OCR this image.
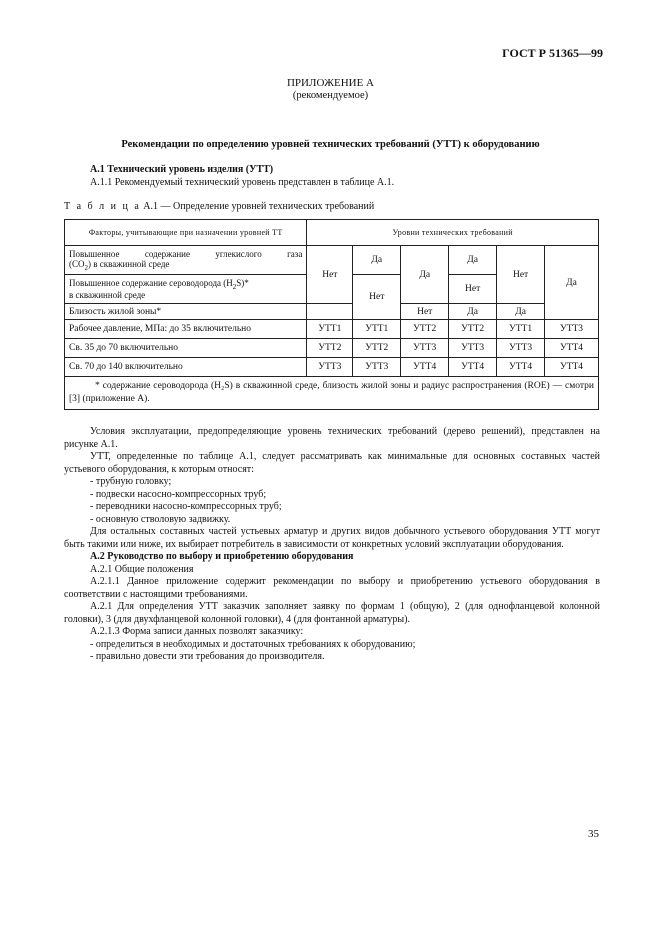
ГОСТ Р 51365—99
ПРИЛОЖЕНИЕ А
(рекомендуемое)
Рекомендации по определению уровней технических требований (УТТ) к оборудованию
А.1 Технический уровень изделия (УТТ)
А.1.1 Рекомендуемый технический уровень представлен в таблице А.1.
Т а б л и ц а А.1 — Определение уровней технических требований
Факторы, учитывающие при назначении уровней ТТ	Уровни технических требований					

Повышенное содержание углекислого газа
$(CO_2)$ в скважинной среде	Нет	Да	Да	Да	Нет	Да

Повышенное содержание сероводорода $(H_2S)*$
в скважинной среде		Нет		Нет		
Близость жилой зоны*			Нет	Да	Да	
Рабочее давление, МПа: до 35 включительно	УТТ1	УТТ1	УТТ2	УТТ2	УТТ1	УТТ3
Св. 35 до 70 включительно	УТТ2	УТТ2	УТТ3	УТТ3	УТТ3	УТТ4
Св. 70 до 140 включительно	УТТ3	УТТ3	УТТ4	УТТ4	УТТ4	УТТ4

* содержание сероводорода (H₂S) в скважинной среде, близость жилой зоны и радиус распространения (ROE) — смотри [3] (приложение А).						

Условия эксплуатации, предопределяющие уровень технических требований (дерево решений), представлен на рисунке А.1.

УТТ, определенные по таблице А.1, следует рассматривать как минимальные для основных составных частей устьевого оборудования, к которым относят:

- трубную головку;

- подвески насосно-компрессорных труб;

- переводники насосно-компрессорных труб;

- основную стволовую задвижку.

Для остальных составных частей устьевых арматур и других видов добычного устьевого оборудования УТТ могут быть такими или ниже, их выбирает потребитель в зависимости от конкретных условий эксплуатации оборудования.

А.2 Руководство по выбору и приобретению оборудования

А.2.1 Общие положения

А.2.1.1 Данное приложение содержит рекомендации по выбору и приобретению устьевого оборудования в соответствии с настоящими требованиями.

А.2.1 Для определения УТТ заказчик заполняет заявку по формам 1 (общую), 2 (для однофланцевой колонной головки), 3 (для двухфланцевой колонной головки), 4 (для фонтанной арматуры).

А.2.1.3 Форма записи данных позволят заказчику:

- определиться в необходимых и достаточных требованиях к оборудованию;

- правильно довести эти требования до производителя.

35
